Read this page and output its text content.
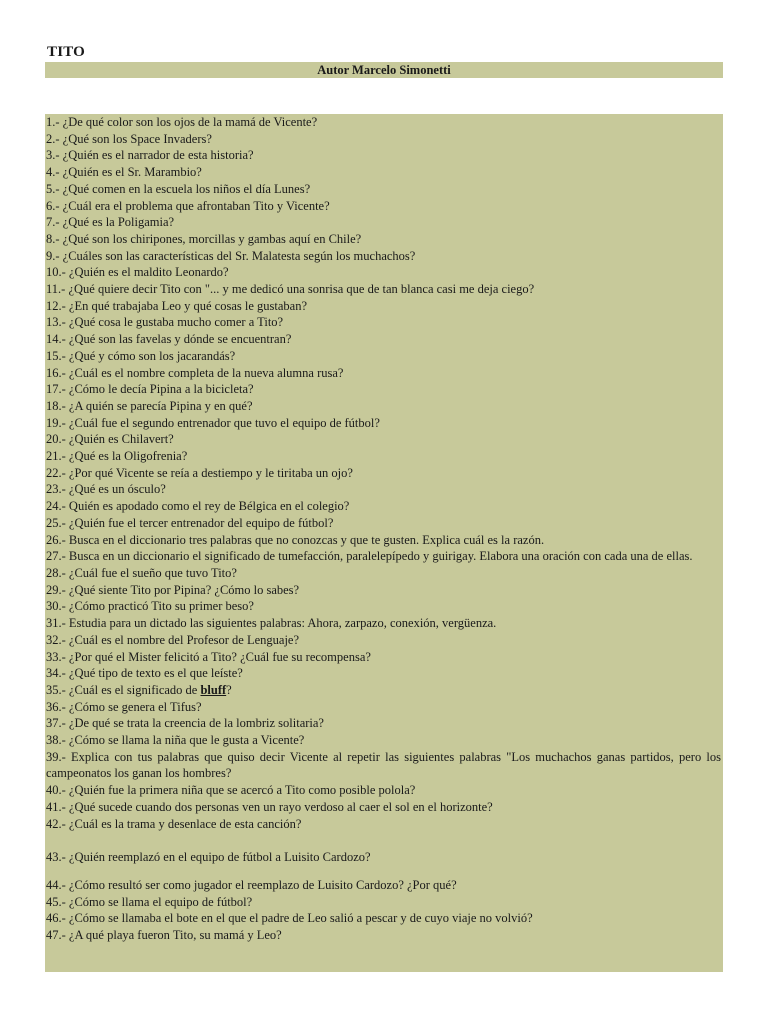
TITO
Autor Marcelo Simonetti
1.- ¿De qué color son los ojos de la mamá de Vicente?
2.- ¿Qué son los Space Invaders?
3.- ¿Quién es el narrador de esta historia?
4.- ¿Quién es el Sr. Marambio?
5.- ¿Qué comen en la escuela los niños el día Lunes?
6.- ¿Cuál era el problema que afrontaban Tito y Vicente?
7.- ¿Qué es la Poligamia?
8.- ¿Qué son los chiripones, morcillas y gambas aquí en Chile?
9.- ¿Cuáles son las características del Sr. Malatesta según los muchachos?
10.- ¿Quién es el maldito Leonardo?
11.- ¿Qué quiere decir Tito con "... y me dedicó una sonrisa que de tan blanca casi me deja ciego?
12.- ¿En qué trabajaba Leo y qué cosas le gustaban?
13.- ¿Qué cosa le gustaba mucho comer a Tito?
14.- ¿Qué son las favelas y dónde se encuentran?
15.- ¿Qué y cómo son los jacarandás?
16.- ¿Cuál es el nombre completa de la nueva alumna rusa?
17.- ¿Cómo le decía Pipina a la bicicleta?
18.- ¿A quién se parecía Pipina y en qué?
19.- ¿Cuál fue el segundo entrenador que tuvo el equipo de fútbol?
20.- ¿Quién es Chilavert?
21.- ¿Qué es la Oligofrenia?
22.- ¿Por qué Vicente se reía a destiempo y le tiritaba un ojo?
23.- ¿Qué es un ósculo?
24.- Quién es apodado como el rey de Bélgica en el colegio?
25.- ¿Quién fue el tercer entrenador del equipo de fútbol?
26.- Busca en el diccionario tres palabras que no conozcas y que te gusten. Explica cuál es la razón.
27.- Busca en un diccionario el significado de tumefacción, paralelepípedo y guirigay. Elabora una oración con cada una de ellas.
28.- ¿Cuál fue el sueño que tuvo Tito?
29.- ¿Qué siente Tito por Pipina? ¿Cómo lo sabes?
30.- ¿Cómo practicó Tito su primer beso?
31.- Estudia para un dictado las siguientes palabras: Ahora, zarpazo, conexión, vergüenza.
32.- ¿Cuál es el nombre del Profesor de Lenguaje?
33.- ¿Por qué el Mister felicitó a Tito? ¿Cuál fue su recompensa?
34.- ¿Qué tipo de texto es el que leíste?
35.- ¿Cuál es el significado de bluff?
36.- ¿Cómo se genera el Tifus?
37.- ¿De qué se trata la creencia de la lombriz solitaria?
38.- ¿Cómo se llama la niña que le gusta a Vicente?
39.- Explica con tus palabras que quiso decir Vicente al repetir las siguientes palabras "Los muchachos ganas partidos, pero los campeonatos los ganan los hombres?
40.- ¿Quién fue la primera niña que se acercó a Tito como posible polola?
41.- ¿Qué sucede cuando dos personas ven un rayo verdoso al caer el sol en el horizonte?
42.- ¿Cuál es la trama y desenlace de esta canción?
43.- ¿Quién reemplazó en el equipo de fútbol a Luisito Cardozo?
44.- ¿Cómo resultó ser como jugador el reemplazo de Luisito Cardozo? ¿Por qué?
45.- ¿Cómo se llama el equipo de fútbol?
46.- ¿Cómo se llamaba el bote en el que el padre de Leo salió a pescar y de cuyo viaje no volvió?
47.- ¿A qué playa fueron Tito, su mamá y Leo?
